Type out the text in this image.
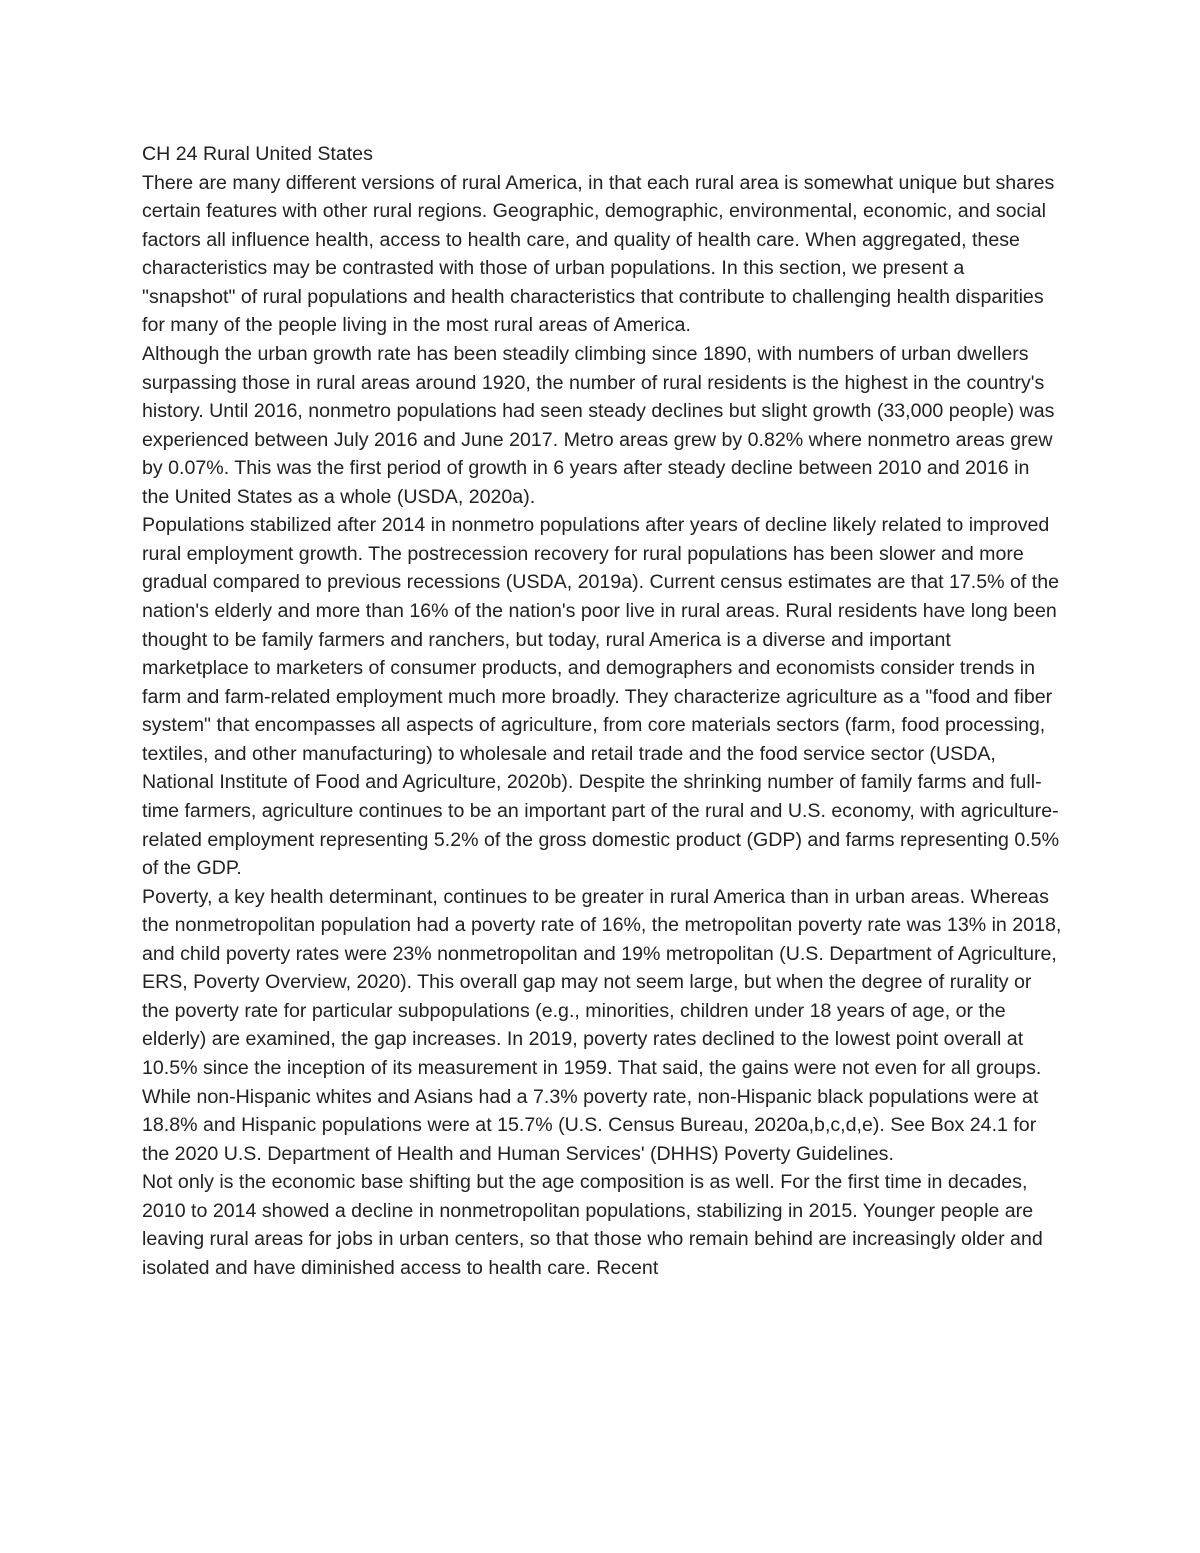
CH 24 Rural United States

There are many different versions of rural America, in that each rural area is somewhat unique but shares certain features with other rural regions. Geographic, demographic, environmental, economic, and social factors all influence health, access to health care, and quality of health care. When aggregated, these characteristics may be contrasted with those of urban populations. In this section, we present a "snapshot" of rural populations and health characteristics that contribute to challenging health disparities for many of the people living in the most rural areas of America.

Although the urban growth rate has been steadily climbing since 1890, with numbers of urban dwellers surpassing those in rural areas around 1920, the number of rural residents is the highest in the country's history. Until 2016, nonmetro populations had seen steady declines but slight growth (33,000 people) was experienced between July 2016 and June 2017. Metro areas grew by 0.82% where nonmetro areas grew by 0.07%. This was the first period of growth in 6 years after steady decline between 2010 and 2016 in the United States as a whole (USDA, 2020a).

Populations stabilized after 2014 in nonmetro populations after years of decline likely related to improved rural employment growth. The postrecession recovery for rural populations has been slower and more gradual compared to previous recessions (USDA, 2019a). Current census estimates are that 17.5% of the nation's elderly and more than 16% of the nation's poor live in rural areas. Rural residents have long been thought to be family farmers and ranchers, but today, rural America is a diverse and important marketplace to marketers of consumer products, and demographers and economists consider trends in farm and farm-related employment much more broadly. They characterize agriculture as a "food and fiber system" that encompasses all aspects of agriculture, from core materials sectors (farm, food processing, textiles, and other manufacturing) to wholesale and retail trade and the food service sector (USDA, National Institute of Food and Agriculture, 2020b). Despite the shrinking number of family farms and full-time farmers, agriculture continues to be an important part of the rural and U.S. economy, with agriculture-related employment representing 5.2% of the gross domestic product (GDP) and farms representing 0.5% of the GDP.

Poverty, a key health determinant, continues to be greater in rural America than in urban areas. Whereas the nonmetropolitan population had a poverty rate of 16%, the metropolitan poverty rate was 13% in 2018, and child poverty rates were 23% nonmetropolitan and 19% metropolitan (U.S. Department of Agriculture, ERS, Poverty Overview, 2020). This overall gap may not seem large, but when the degree of rurality or the poverty rate for particular subpopulations (e.g., minorities, children under 18 years of age, or the elderly) are examined, the gap increases. In 2019, poverty rates declined to the lowest point overall at 10.5% since the inception of its measurement in 1959. That said, the gains were not even for all groups. While non-Hispanic whites and Asians had a 7.3% poverty rate, non-Hispanic black populations were at 18.8% and Hispanic populations were at 15.7% (U.S. Census Bureau, 2020a,b,c,d,e). See Box 24.1 for the 2020 U.S. Department of Health and Human Services' (DHHS) Poverty Guidelines.

Not only is the economic base shifting but the age composition is as well. For the first time in decades, 2010 to 2014 showed a decline in nonmetropolitan populations, stabilizing in 2015. Younger people are leaving rural areas for jobs in urban centers, so that those who remain behind are increasingly older and isolated and have diminished access to health care. Recent
